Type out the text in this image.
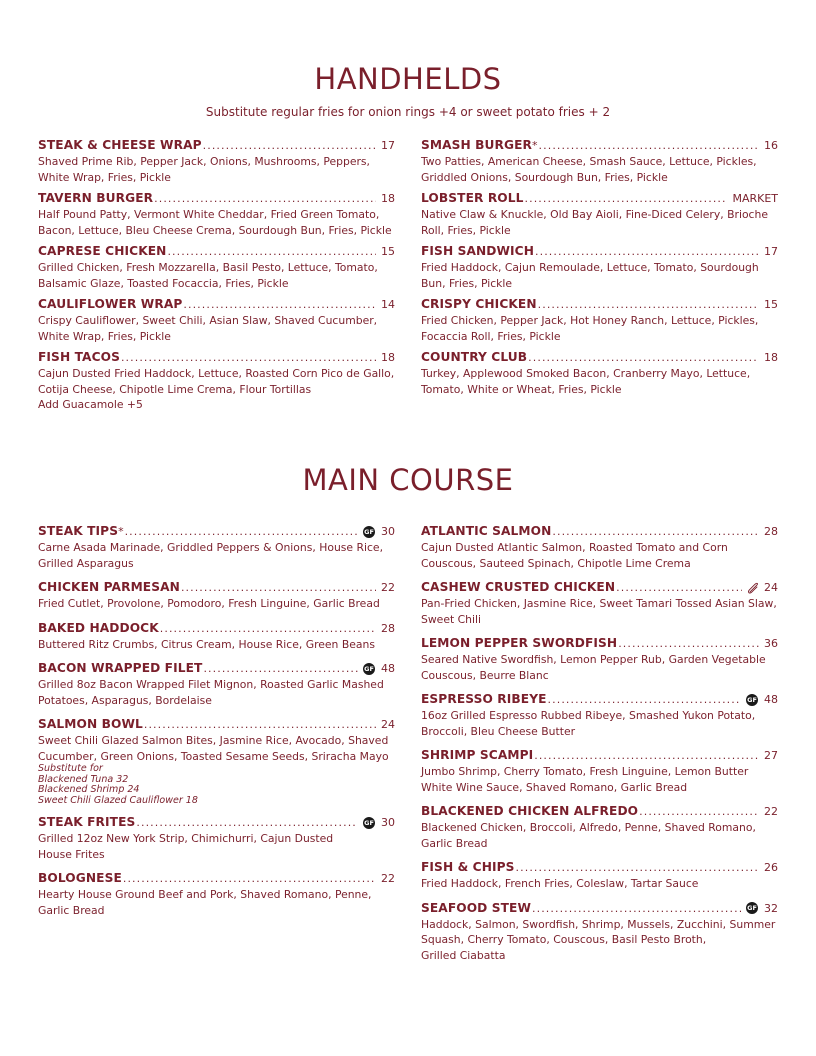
HANDHELDS

Substitute regular fries for onion rings +4 or sweet potato fries + 2

STEAK & CHEESE WRAP . . .	17

Shaved Prime Rib, Pepper Jack, Onions, Mushrooms, Peppers, White Wrap, Fries, Pickle

TAVERN BURGER . . .	18

Half Pound Patty, Vermont White Cheddar, Fried Green Tomato, Bacon, Lettuce, Bleu Cheese Crema, Sourdough Bun, Fries, Pickle

CAPRESE CHICKEN . . .	15

Grilled Chicken, Fresh Mozzarella, Basil Pesto, Lettuce, Tomato, Balsamic Glaze, Toasted Focaccia, Fries, Pickle

CAULIFLOWER WRAP . . .	14

Crispy Cauliflower, Sweet Chili, Asian Slaw, Shaved Cucumber, White Wrap, Fries, Pickle

FISH TACOS . . .	18

Cajun Dusted Fried Haddock, Lettuce, Roasted Corn Pico de Gallo, Cotija Cheese, Chipotle Lime Crema, Flour Tortillas

Add Guacamole +5

SMASH BURGER * . . .	16

Two Patties, American Cheese, Smash Sauce, Lettuce, Pickles, Griddled Onions, Sourdough Bun, Fries, Pickle

LOBSTER ROLL . . .	MARKET

Native Claw & Knuckle, Old Bay Aioli, Fine-Diced Celery, Brioche Roll, Fries, Pickle

FISH SANDWICH . . .	17

Fried Haddock, Cajun Remoulade, Lettuce, Tomato, Sourdough Bun, Fries, Pickle

CRISPY CHICKEN . . .	15

Fried Chicken, Pepper Jack, Hot Honey Ranch, Lettuce, Pickles, Focaccia Roll, Fries, Pickle

COUNTRY CLUB . . .	18

Turkey, Applewood Smoked Bacon, Cranberry Mayo, Lettuce, Tomato, White or Wheat, Fries, Pickle

MAIN COURSE
STEAK TIPS * . . .	GF 30

Carne Asada Marinade, Griddled Peppers & Onions, House Rice, Grilled Asparagus

CHICKEN PARMESAN . . .	22

Fried Cutlet, Provolone, Pomodoro, Fresh Linguine, Garlic Bread

BAKED HADDOCK . . .	28

Buttered Ritz Crumbs, Citrus Cream, House Rice, Green Beans

BACON WRAPPED FILET . . .	GF 48

Grilled 8oz Bacon Wrapped Filet Mignon, Roasted Garlic Mashed Potatoes, Asparagus, Bordelaise

SALMON BOWL . . .	24

Sweet Chili Glazed Salmon Bites, Jasmine Rice, Avocado, Shaved Cucumber, Green Onions, Toasted Sesame Seeds, Sriracha Mayo

Substitute for

Blackened Tuna 32

Blackened Shrimp 24

Sweet Chili Glazed Cauliflower 18

STEAK FRITES . . .	GF 30

Grilled 12oz New York Strip, Chimichurri, Cajun Dusted

House Frites

BOLOGNESE . . .	22

Hearty House Ground Beef and Pork, Shaved Romano, Penne, Garlic Bread

ATLANTIC SALMON . . .	28

Cajun Dusted Atlantic Salmon, Roasted Tomato and Corn Couscous, Sauteed Spinach, Chipotle Lime Crema

CASHEW CRUSTED CHICKEN . . .	24

Pan-Fried Chicken, Jasmine Rice, Sweet Tamari Tossed Asian Slaw, Sweet Chili

LEMON PEPPER SWORDFISH . . .	36

Seared Native Swordfish, Lemon Pepper Rub, Garden Vegetable Couscous, Beurre Blanc

ESPRESSO RIBEYE . . .	GF 48

16oz Grilled Espresso Rubbed Ribeye, Smashed Yukon Potato, Broccoli, Bleu Cheese Butter

SHRIMP SCAMPI . . .	27

Jumbo Shrimp, Cherry Tomato, Fresh Linguine, Lemon Butter White Wine Sauce, Shaved Romano, Garlic Bread

BLACKENED CHICKEN ALFREDO . . .	22

Blackened Chicken, Broccoli, Alfredo, Penne, Shaved Romano, Garlic Bread

FISH & CHIPS . . .	26

Fried Haddock, French Fries, Coleslaw, Tartar Sauce

SEAFOOD STEW . . .	GF 32

Haddock, Salmon, Swordfish, Shrimp, Mussels, Zucchini, Summer Squash, Cherry Tomato, Couscous, Basil Pesto Broth,

Grilled Ciabatta
